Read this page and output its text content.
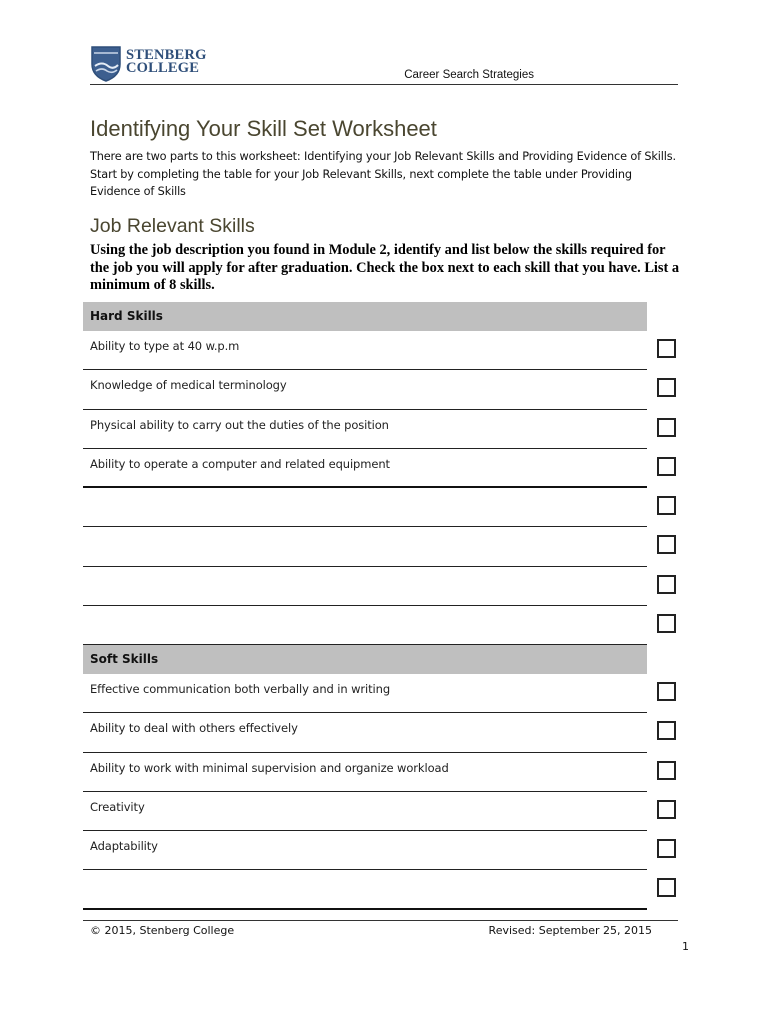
STENBERG
COLLEGE	Career Search Strategies
Identifying Your Skill Set Worksheet

There are two parts to this worksheet: Identifying your Job Relevant Skills and Providing Evidence of Skills. Start by completing the table for your Job Relevant Skills, next complete the table under Providing Evidence of Skills

Job Relevant Skills

Using the job description you found in Module 2, identify and list below the skills required for the job you will apply for after graduation. Check the box next to each skill that you have. List a minimum of 8 skills.

Hard Skills
Ability to type at 40 w.p.m
Knowledge of medical terminology
Physical ability to carry out the duties of the position
Ability to operate a computer and related equipment
Soft Skills
Effective communication both verbally and in writing
Ability to deal with others effectively
Ability to work with minimal supervision and organize workload
Creativity
Adaptability
© 2015, Stenberg College	Revised: September 25, 2015
1
